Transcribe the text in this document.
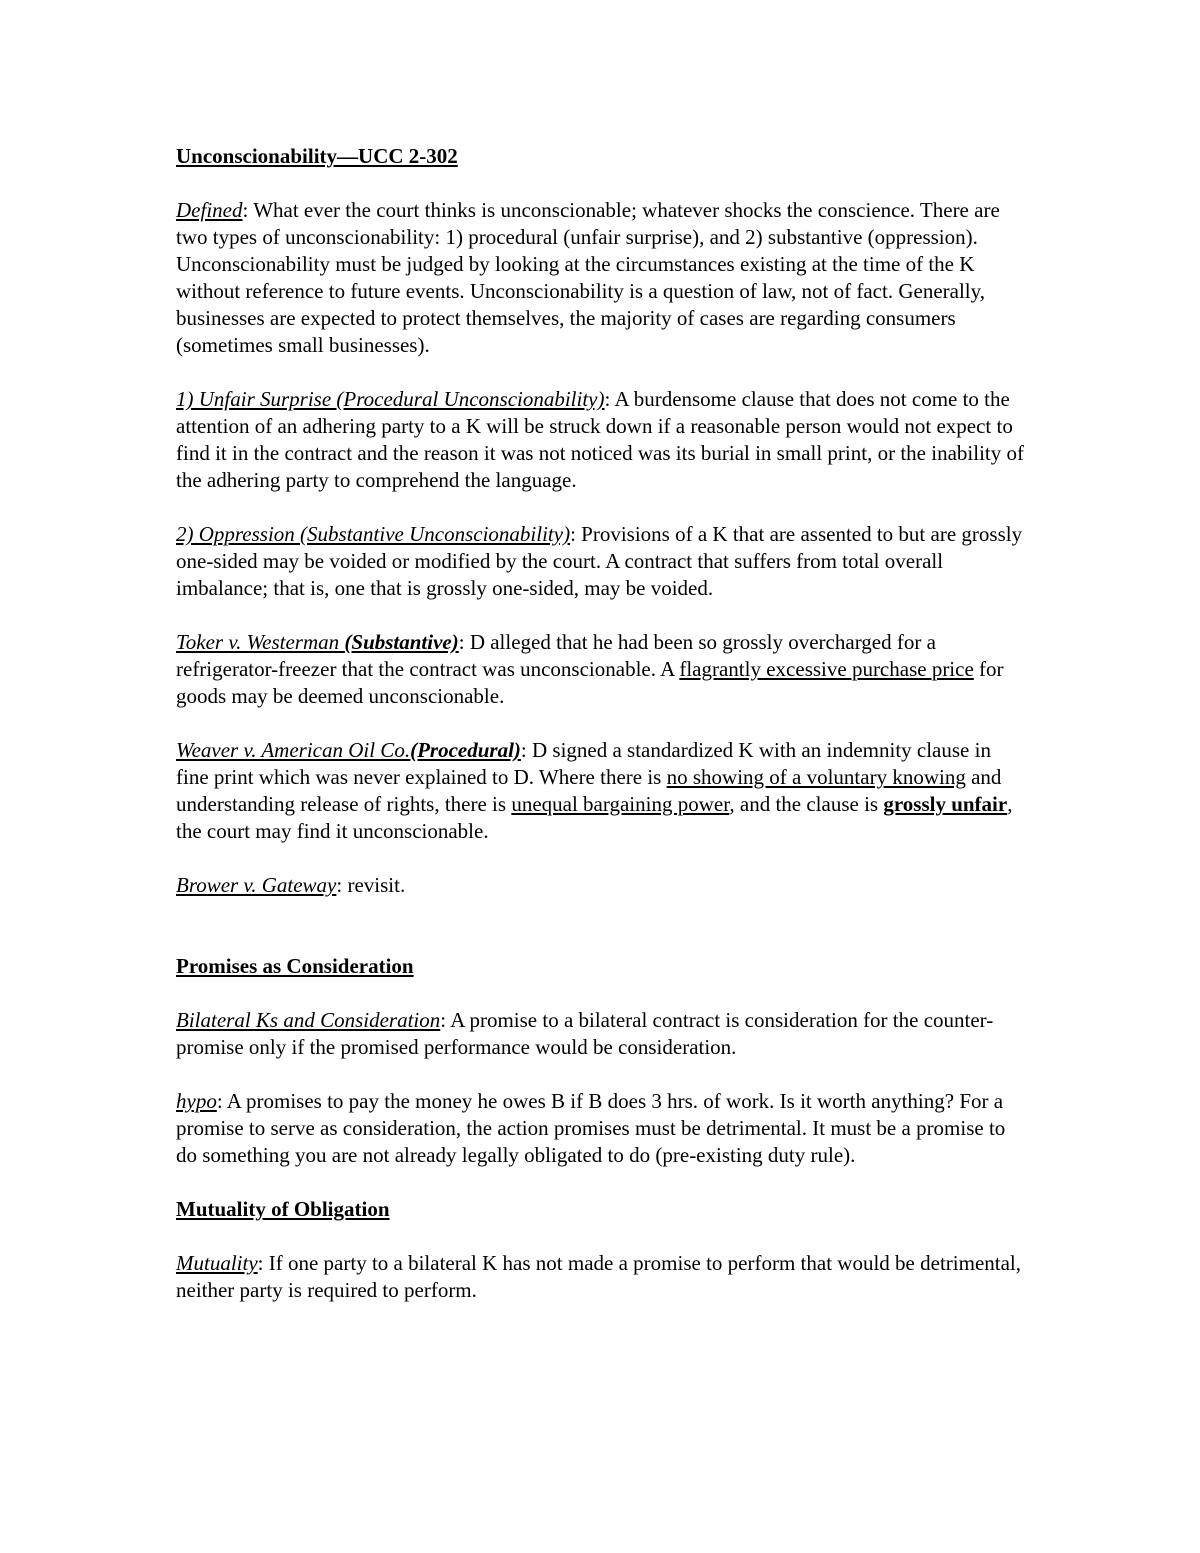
Unconscionability—UCC 2-302

Defined: What ever the court thinks is unconscionable; whatever shocks the conscience. There are two types of unconscionability: 1) procedural (unfair surprise), and 2) substantive (oppression). Unconscionability must be judged by looking at the circumstances existing at the time of the K without reference to future events. Unconscionability is a question of law, not of fact. Generally, businesses are expected to protect themselves, the majority of cases are regarding consumers (sometimes small businesses).

1) Unfair Surprise (Procedural Unconscionability): A burdensome clause that does not come to the attention of an adhering party to a K will be struck down if a reasonable person would not expect to find it in the contract and the reason it was not noticed was its burial in small print, or the inability of the adhering party to comprehend the language.

2) Oppression (Substantive Unconscionability): Provisions of a K that are assented to but are grossly one-sided may be voided or modified by the court. A contract that suffers from total overall imbalance; that is, one that is grossly one-sided, may be voided.

Toker v. Westerman (Substantive): D alleged that he had been so grossly overcharged for a refrigerator-freezer that the contract was unconscionable. A flagrantly excessive purchase price for goods may be deemed unconscionable.

Weaver v. American Oil Co.(Procedural): D signed a standardized K with an indemnity clause in fine print which was never explained to D. Where there is no showing of a voluntary knowing and understanding release of rights, there is unequal bargaining power, and the clause is grossly unfair, the court may find it unconscionable.

Brower v. Gateway: revisit.

Promises as Consideration

Bilateral Ks and Consideration: A promise to a bilateral contract is consideration for the counter-promise only if the promised performance would be consideration.

hypo: A promises to pay the money he owes B if B does 3 hrs. of work. Is it worth anything? For a promise to serve as consideration, the action promises must be detrimental. It must be a promise to do something you are not already legally obligated to do (pre-existing duty rule).

Mutuality of Obligation

Mutuality: If one party to a bilateral K has not made a promise to perform that would be detrimental, neither party is required to perform.
